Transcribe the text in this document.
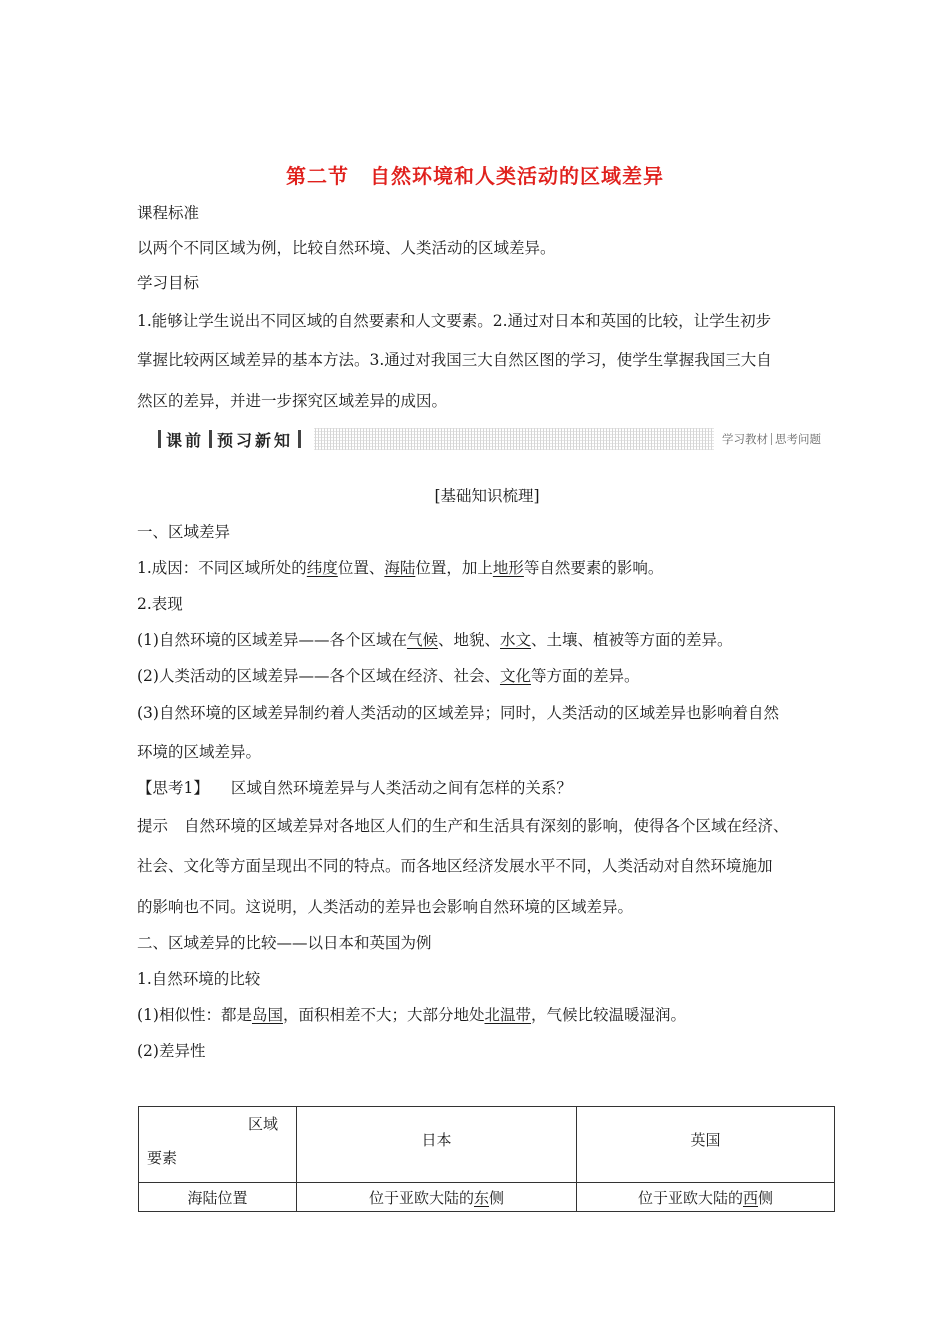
第二节　自然环境和人类活动的区域差异
课程标准
以两个不同区域为例，比较自然环境、人类活动的区域差异。
学习目标
1.能够让学生说出不同区域的自然要素和人文要素。2.通过对日本和英国的比较，让学生初步
掌握比较两区域差异的基本方法。3.通过对我国三大自然区图的学习，使学生掌握我国三大自
然区的差异，并进一步探究区域差异的成因。
课前 预习新知	学习教材 思考问题
[基础知识梳理]
一、区域差异
1.成因：不同区域所处的纬度位置、海陆位置，加上地形等自然要素的影响。
2.表现
(1)自然环境的区域差异——各个区域在气候、地貌、水文、土壤、植被等方面的差异。
(2)人类活动的区域差异——各个区域在经济、社会、文化等方面的差异。
(3)自然环境的区域差异制约着人类活动的区域差异；同时，人类活动的区域差异也影响着自然
环境的区域差异。
【思考1】 区域自然环境差异与人类活动之间有怎样的关系？
提示 自然环境的区域差异对各地区人们的生产和生活具有深刻的影响，使得各个区域在经济、
社会、文化等方面呈现出不同的特点。而各地区经济发展水平不同，人类活动对自然环境施加
的影响也不同。这说明，人类活动的差异也会影响自然环境的区域差异。
二、区域差异的比较——以日本和英国为例
1.自然环境的比较
(1)相似性：都是岛国，面积相差不大；大部分地处北温带，气候比较温暖湿润。
(2)差异性
区域
要素	日本	英国
海陆位置	位于亚欧大陆的东侧	位于亚欧大陆的西侧
